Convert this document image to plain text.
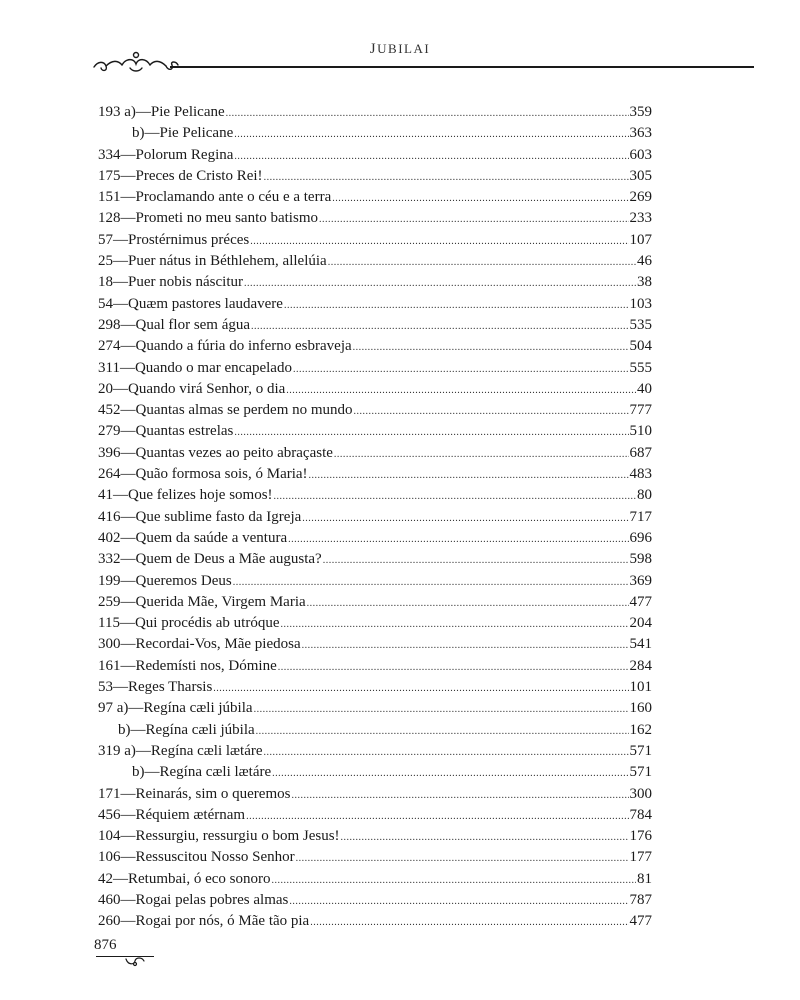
JUBILAI
193 a)—Pie Pelicane .....	359
b)—Pie Pelicane .....	363
334—Polorum Regina .....	603
175—Preces de Cristo Rei! .....	305
151—Proclamando ante o céu e a terra .....	269
128—Prometi no meu santo batismo .....	233
57—Prostérnimus préces .....	107
25—Puer nátus in Béthlehem, allelúia .....	46
18—Puer nobis náscitur .....	38
54—Quæm pastores laudavere .....	103
298—Qual flor sem água .....	535
274—Quando a fúria do inferno esbraveja .....	504
311—Quando o mar encapelado .....	555
20—Quando virá Senhor, o dia .....	40
452—Quantas almas se perdem no mundo .....	777
279—Quantas estrelas .....	510
396—Quantas vezes ao peito abraçaste .....	687
264—Quão formosa sois, ó Maria! .....	483
41—Que felizes hoje somos! .....	80
416—Que sublime fasto da Igreja .....	717
402—Quem da saúde a ventura .....	696
332—Quem de Deus a Mãe augusta? .....	598
199—Queremos Deus .....	369
259—Querida Mãe, Virgem Maria .....	477
115—Qui procédis ab utróque .....	204
300—Recordai-Vos, Mãe piedosa .....	541
161—Redemísti nos, Dómine .....	284
53—Reges Tharsis .....	101
97 a)—Regína cæli júbila .....	160
b)—Regína cæli júbila .....	162
319 a)—Regína cæli lætáre .....	571
b)—Regína cæli lætáre .....	571
171—Reinarás, sim o queremos .....	300
456—Réquiem ætérnam .....	784
104—Ressurgiu, ressurgiu o bom Jesus! .....	176
106—Ressuscitou Nosso Senhor .....	177
42—Retumbai, ó eco sonoro .....	81
460—Rogai pelas pobres almas .....	787
260—Rogai por nós, ó Mãe tão pia .....	477
876
